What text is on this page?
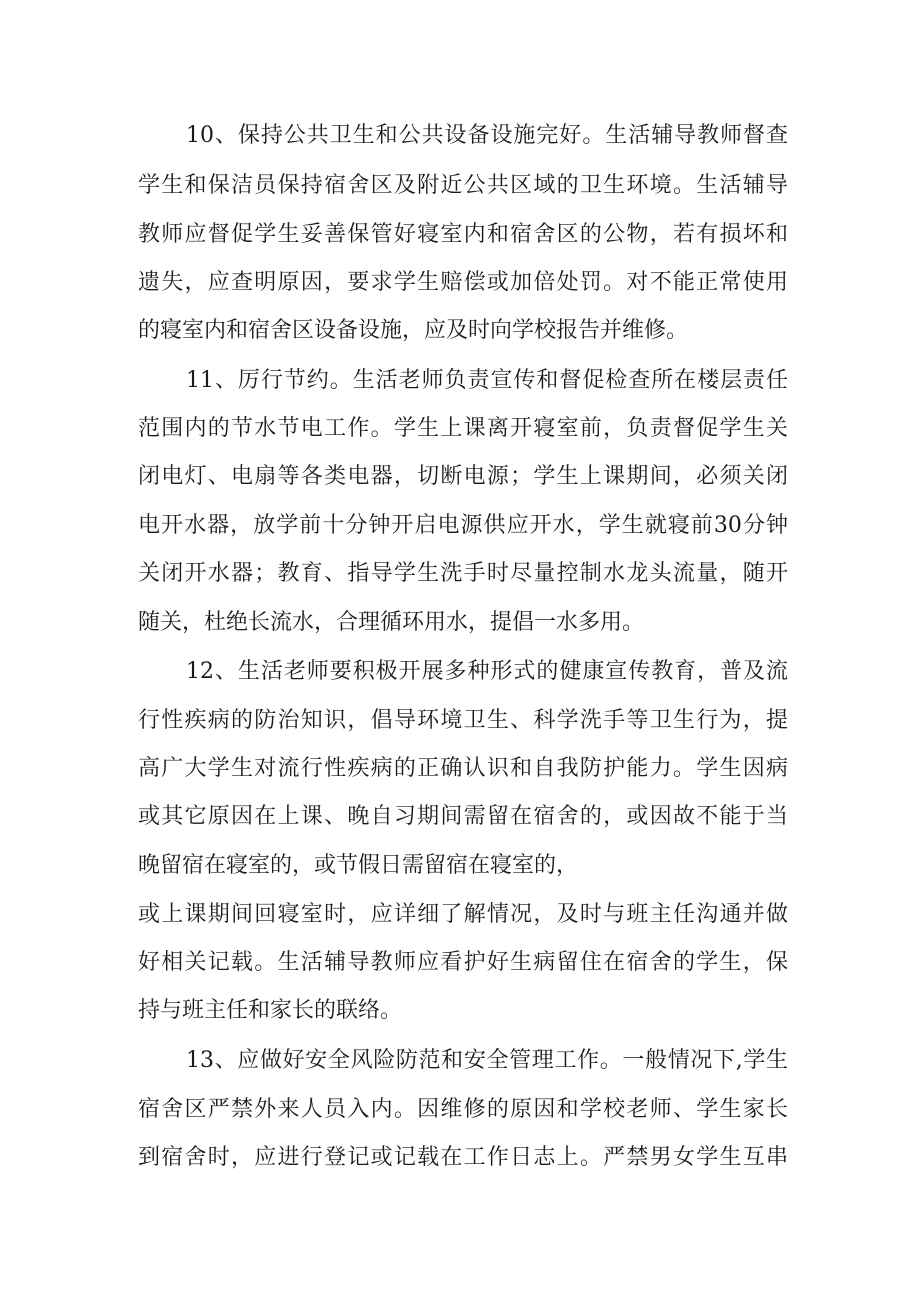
10、保持公共卫生和公共设备设施完好。生活辅导教师督查
学生和保洁员保持宿舍区及附近公共区域的卫生环境。生活辅导
教师应督促学生妥善保管好寝室内和宿舍区的公物，若有损坏和
遗失，应查明原因，要求学生赔偿或加倍处罚。对不能正常使用
的寝室内和宿舍区设备设施，应及时向学校报告并维修。
11、厉行节约。生活老师负责宣传和督促检查所在楼层责任
范围内的节水节电工作。学生上课离开寝室前，负责督促学生关
闭电灯、电扇等各类电器，切断电源；学生上课期间，必须关闭
电开水器，放学前十分钟开启电源供应开水，学生就寝前30分钟
关闭开水器；教育、指导学生洗手时尽量控制水龙头流量，随开
随关，杜绝长流水，合理循环用水，提倡一水多用。
12、生活老师要积极开展多种形式的健康宣传教育，普及流
行性疾病的防治知识，倡导环境卫生、科学洗手等卫生行为，提
高广大学生对流行性疾病的正确认识和自我防护能力。学生因病
或其它原因在上课、晚自习期间需留在宿舍的，或因故不能于当
晚留宿在寝室的，或节假日需留宿在寝室的，
或上课期间回寝室时，应详细了解情况，及时与班主任沟通并做
好相关记载。生活辅导教师应看护好生病留住在宿舍的学生，保
持与班主任和家长的联络。
13、应做好安全风险防范和安全管理工作。一般情况下,学生
宿舍区严禁外来人员入内。因维修的原因和学校老师、学生家长
到宿舍时，应进行登记或记载在工作日志上。严禁男女学生互串
